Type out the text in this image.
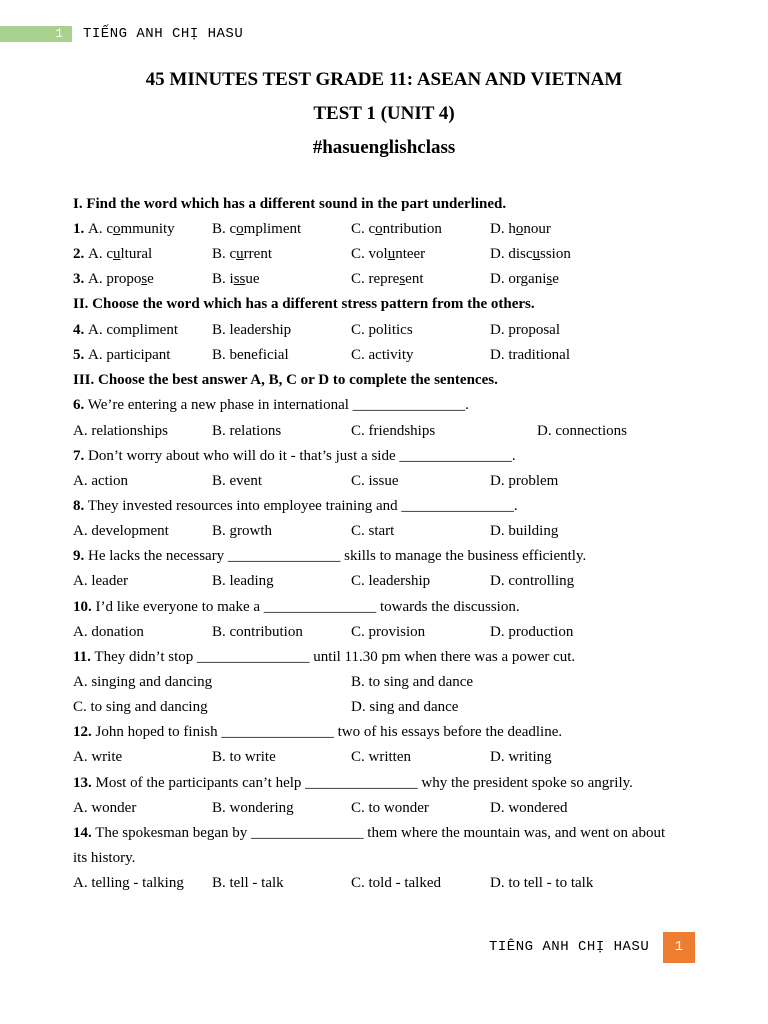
1 TIẾNG ANH CHỊ HASU
45 MINUTES TEST GRADE 11: ASEAN AND VIETNAM
TEST 1 (UNIT 4)
#hasuenglishclass
I. Find the word which has a different sound in the part underlined.
1. A. community B. compliment	C. contribution	D. honour
2. A. cultural	B. current	C. volunteer	D. discussion
3. A. propose	B. issue	C. represent	D. organise
II. Choose the word which has a different stress pattern from the others.
4. A. compliment B. leadership	C. politics	D. proposal
5. A. participant	B. beneficial	C. activity	D. traditional
III. Choose the best answer A, B, C or D to complete the sentences.
6. We’re entering a new phase in international _______________.
A. relationships	B. relations	C. friendships	D. connections
7. Don’t worry about who will do it - that’s just a side _______________.
A. action	B. event	C. issue	D. problem
8. They invested resources into employee training and _______________.
A. development	B. growth	C. start	D. building
9. He lacks the necessary _______________ skills to manage the business efficiently.
A. leader	B. leading	C. leadership	D. controlling
10. I’d like everyone to make a _______________ towards the discussion.
A. donation	B. contribution	C. provision	D. production
11. They didn’t stop _______________ until 11.30 pm when there was a power cut.
A. singing and dancing	B. to sing and dance
C. to sing and dancing	D. sing and dance
12. John hoped to finish _______________ two of his essays before the deadline.
A. write	B. to write	C. written	D. writing
13. Most of the participants can’t help _______________ why the president spoke so angrily.
A. wonder	B. wondering	C. to wonder	D. wondered
14. The spokesman began by _______________ them where the mountain was, and went on about
its history.
A. telling - talking B. tell - talk	C. told - talked	D. to tell - to talk
TIÊNG ANH CHỊ HASU	1
